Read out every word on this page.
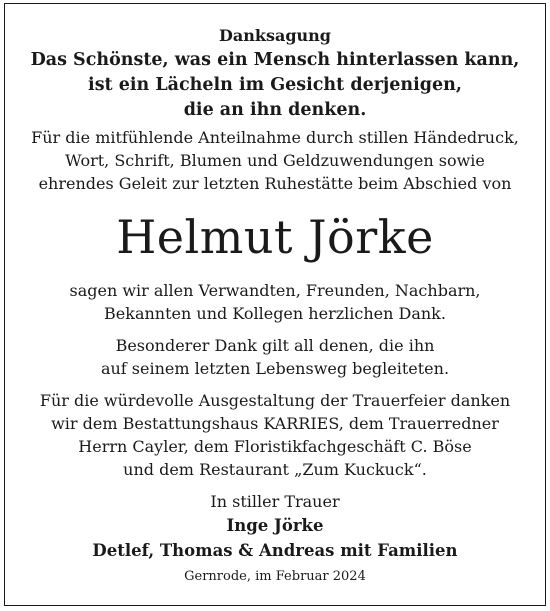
Danksagung
Das Schönste, was ein Mensch hinterlassen kann,
ist ein Lächeln im Gesicht derjenigen,
die an ihn denken.
Für die mitfühlende Anteilnahme durch stillen Händedruck,
Wort, Schrift, Blumen und Geldzuwendungen sowie
ehrendes Geleit zur letzten Ruhestätte beim Abschied von
Helmut Jörke
sagen wir allen Verwandten, Freunden, Nachbarn,
Bekannten und Kollegen herzlichen Dank.
Besonderer Dank gilt all denen, die ihn
auf seinem letzten Lebensweg begleiteten.
Für die würdevolle Ausgestaltung der Trauerfeier danken
wir dem Bestattungshaus KARRIES, dem Trauerredner
Herrn Cayler, dem Floristikfachgeschäft C. Böse
und dem Restaurant „Zum Kuckuck“.
In stiller Trauer
Inge Jörke
Detlef, Thomas & Andreas mit Familien
Gernrode, im Februar 2024
